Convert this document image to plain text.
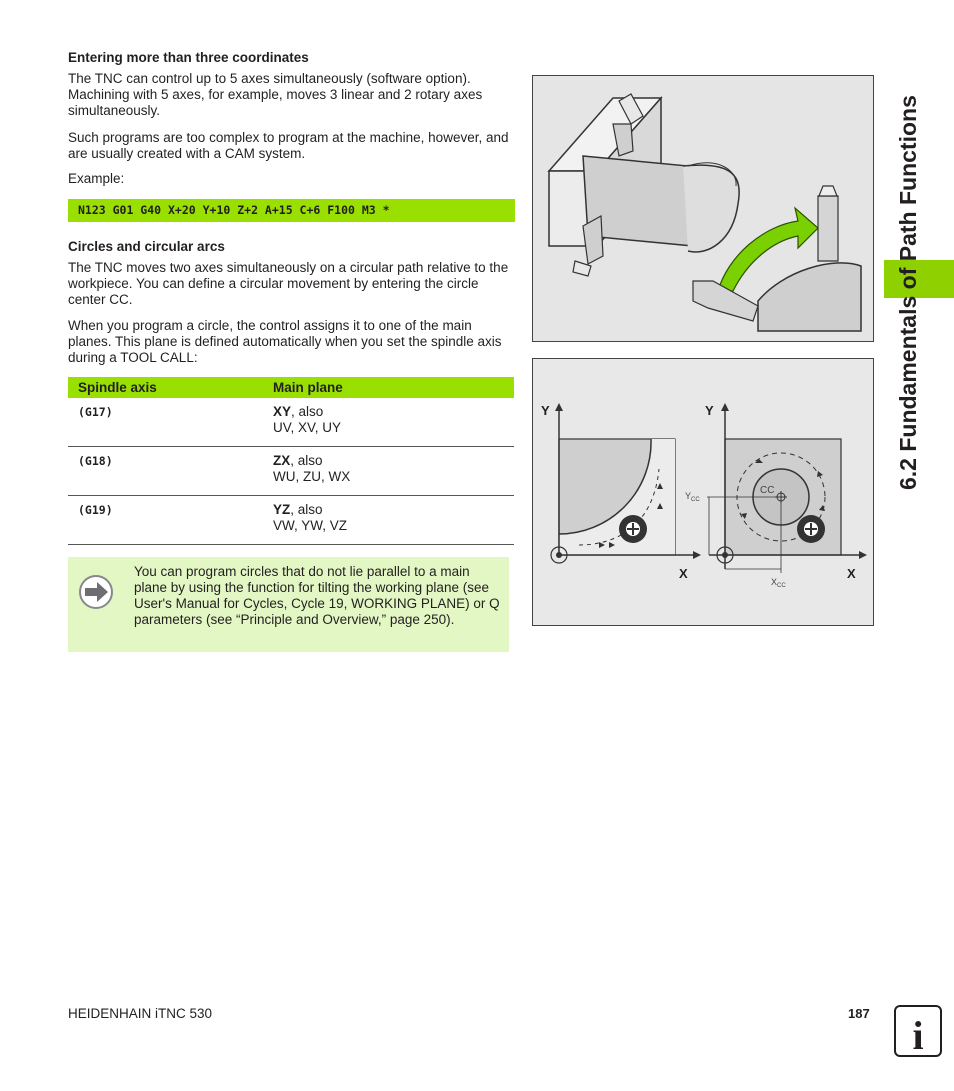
Entering more than three coordinates

The TNC can control up to 5 axes simultaneously (software option). Machining with 5 axes, for example, moves 3 linear and 2 rotary axes simultaneously.

Such programs are too complex to program at the machine, however, and are usually created with a CAM system.

Example:

N123 G01 G40 X+20 Y+10 Z+2 A+15 C+6 F100 M3 *
Circles and circular arcs

The TNC moves two axes simultaneously on a circular path relative to the workpiece. You can define a circular movement by entering the circle center CC.

When you program a circle, the control assigns it to one of the main planes. This plane is defined automatically when you set the spindle axis during a TOOL CALL:

Spindle axis	Main plane
(G17)	XY, also
UV, XV, UY
(G18)	ZX, also
WU, ZU, WX
(G19)	YZ, also
VW, YW, VZ
You can program circles that do not lie parallel to a main plane by using the function for tilting the working plane (see User's Manual for Cycles, Cycle 19, WORKING PLANE) or Q parameters (see “Principle and Overview,” page 250).
Y
X
Y
X
CC
$Y_{CC}$
$X_{CC}$
6.2 Fundamentals of Path Functions
HEIDENHAIN iTNC 530	187 i
